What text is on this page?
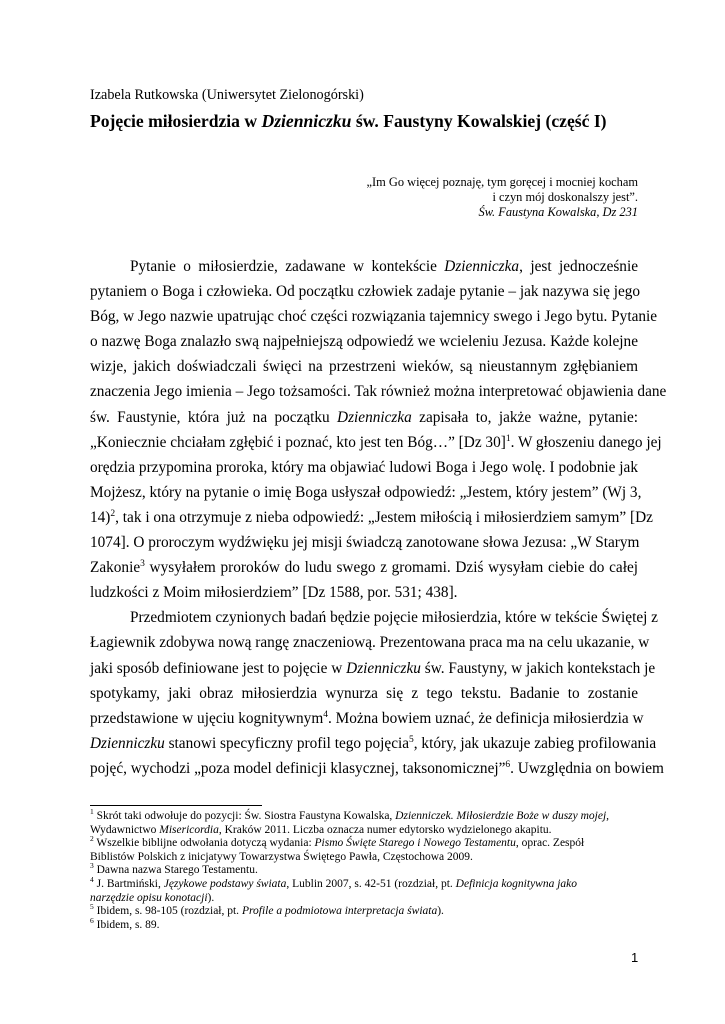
Izabela Rutkowska (Uniwersytet Zielonogórski)
Pojęcie miłosierdzia w Dzienniczku św. Faustyny Kowalskiej (część I)
„Im Go więcej poznaję, tym goręcej i mocniej kocham
i czyn mój doskonalszy jest”.
Św. Faustyna Kowalska, Dz 231
Pytanie o miłosierdzie, zadawane w kontekście Dzienniczka, jest jednocześnie
pytaniem o Boga i człowieka. Od początku człowiek zadaje pytanie – jak nazywa się jego
Bóg, w Jego nazwie upatrując choć części rozwiązania tajemnicy swego i Jego bytu. Pytanie
o nazwę Boga znalazło swą najpełniejszą odpowiedź we wcieleniu Jezusa. Każde kolejne
wizje, jakich doświadczali święci na przestrzeni wieków, są nieustannym zgłębianiem
znaczenia Jego imienia – Jego tożsamości. Tak również można interpretować objawienia dane
św. Faustynie, która już na początku Dzienniczka zapisała to, jakże ważne, pytanie:
„Koniecznie chciałam zgłębić i poznać, kto jest ten Bóg…” [Dz 30]$^1$. W głoszeniu danego jej
orędzia przypomina proroka, który ma objawiać ludowi Boga i Jego wolę. I podobnie jak
Mojżesz, który na pytanie o imię Boga usłyszał odpowiedź: „Jestem, który jestem” (Wj 3,
14)$^2$, tak i ona otrzymuje z nieba odpowiedź: „Jestem miłością i miłosierdziem samym” [Dz
1074]. O proroczym wydźwięku jej misji świadczą zanotowane słowa Jezusa: „W Starym
Zakonie$^3$ wysyłałem proroków do ludu swego z gromami. Dziś wysyłam ciebie do całej
ludzkości z Moim miłosierdziem” [Dz 1588, por. 531; 438].
Przedmiotem czynionych badań będzie pojęcie miłosierdzia, które w tekście Świętej z
Łagiewnik zdobywa nową rangę znaczeniową. Prezentowana praca ma na celu ukazanie, w
jaki sposób definiowane jest to pojęcie w Dzienniczku św. Faustyny, w jakich kontekstach je
spotykamy, jaki obraz miłosierdzia wynurza się z tego tekstu. Badanie to zostanie
przedstawione w ujęciu kognitywnym$^4$. Można bowiem uznać, że definicja miłosierdzia w
Dzienniczku stanowi specyficzny profil tego pojęcia$^5$, który, jak ukazuje zabieg profilowania
pojęć, wychodzi „poza model definicji klasycznej, taksonomicznej”$^6$. Uwzględnia on bowiem
$^1$ Skrót taki odwołuje do pozycji: Św. Siostra Faustyna Kowalska, Dzienniczek. Miłosierdzie Boże w duszy mojej,
Wydawnictwo Misericordia, Kraków 2011. Liczba oznacza numer edytorsko wydzielonego akapitu.
$^2$ Wszelkie biblijne odwołania dotyczą wydania: Pismo Święte Starego i Nowego Testamentu, oprac. Zespół
Biblistów Polskich z inicjatywy Towarzystwa Świętego Pawła, Częstochowa 2009.
$^3$ Dawna nazwa Starego Testamentu.
$^4$ J. Bartmiński, Językowe podstawy świata, Lublin 2007, s. 42-51 (rozdział, pt. Definicja kognitywna jako
narzędzie opisu konotacji).
$^5$ Ibidem, s. 98-105 (rozdział, pt. Profile a podmiotowa interpretacja świata).
$^6$ Ibidem, s. 89.
1
